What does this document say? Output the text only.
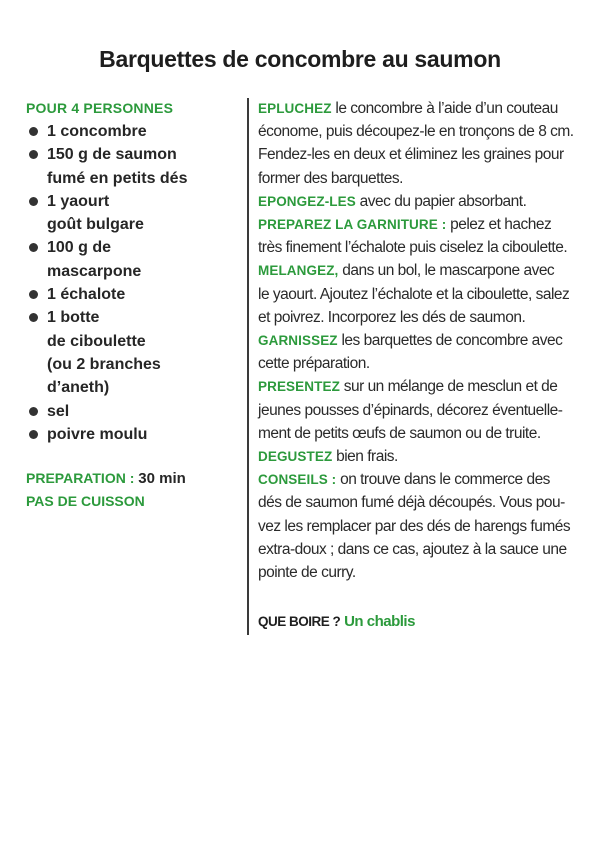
Barquettes de concombre au saumon
POUR 4 PERSONNES
1 concombre
150 g de saumon
fumé en petits dés
1 yaourt
goût bulgare
100 g de
mascarpone
1 échalote
1 botte
de ciboulette
(ou 2 branches
d’aneth)
sel
poivre moulu
PREPARATION : 30 min
PAS DE CUISSON

EPLUCHEZ le concombre à l’aide d’un couteau
économe, puis découpez-le en tronçons de 8 cm.
Fendez-les en deux et éliminez les graines pour
former des barquettes.

EPONGEZ-LES avec du papier absorbant.

PREPAREZ LA GARNITURE : pelez et hachez
très finement l’échalote puis ciselez la ciboulette.

MELANGEZ, dans un bol, le mascarpone avec
le yaourt. Ajoutez l’échalote et la ciboulette, salez
et poivrez. Incorporez les dés de saumon.

GARNISSEZ les barquettes de concombre avec
cette préparation.

PRESENTEZ sur un mélange de mesclun et de
jeunes pousses d’épinards, décorez éventuelle-
ment de petits œufs de saumon ou de truite.

DEGUSTEZ bien frais.

CONSEILS : on trouve dans le commerce des
dés de saumon fumé déjà découpés. Vous pou-
vez les remplacer par des dés de harengs fumés
extra-doux ; dans ce cas, ajoutez à la sauce une
pointe de curry.

QUE BOIRE ? Un chablis
